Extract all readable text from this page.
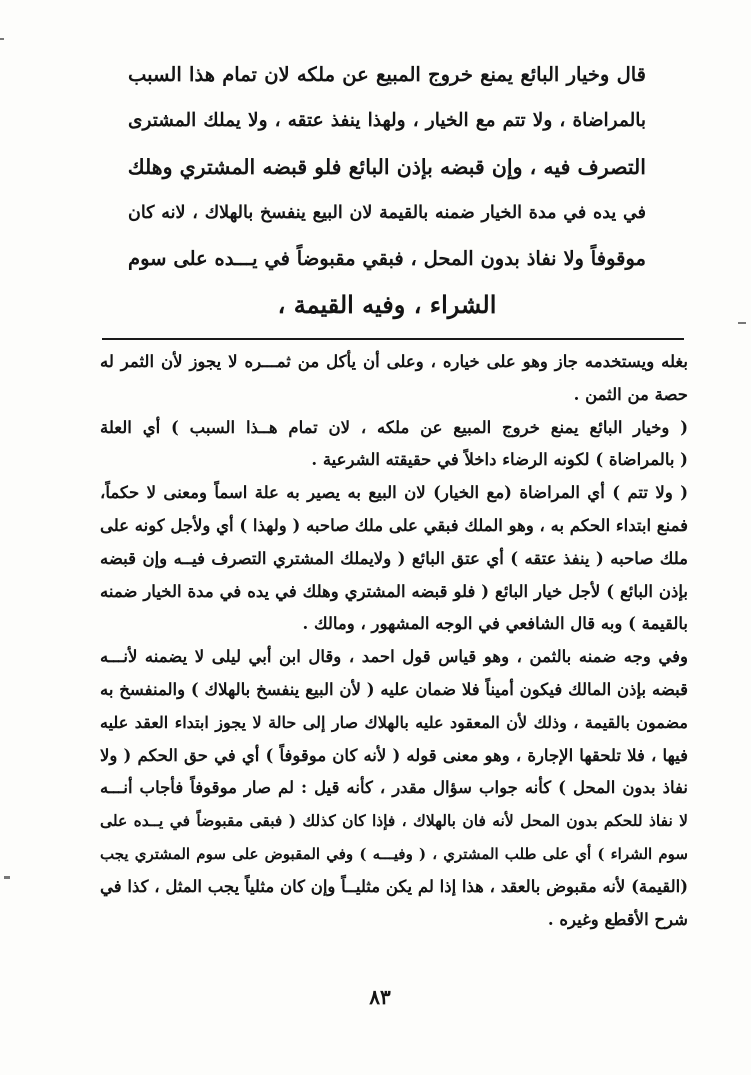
قال وخيار البائع يمنع خروج المبيع عن ملكه لان تمام هذا السبب
بالمراضاة ، ولا تتم مع الخيار ، ولهذا ينفذ عتقه ، ولا يملك المشترى
التصرف فيه ، وإن قبضه بإذن البائع فلو قبضه المشتري وهلك
في يده في مدة الخيار ضمنه بالقيمة لان البيع ينفسخ بالهلاك ، لانه كان
موقوفاً ولا نفاذ بدون المحل ، فبقي مقبوضاً في يـــده على سوم
الشراء ، وفيه القيمة ،
بغله ويستخدمه جاز وهو على خياره ، وعلى أن يأكل من ثمـــره لا يجوز لأن الثمر له
حصة من الثمن .
( وخيار البائع يمنع خروج المبيع عن ملكه ، لان تمام هــذا السبب ) أي العلة
( بالمراضاة ) لكونه الرضاء داخلاً في حقيقته الشرعية .
( ولا تتم ) أي المراضاة (مع الخيار) لان البيع به يصير به علة اسماً ومعنى لا حكماً،
فمنع ابتداء الحكم به ، وهو الملك فبقي على ملك صاحبه ( ولهذا ) أي ولأجل كونه على
ملك صاحبه ( ينفذ عتقه ) أي عتق البائع ( ولايملك المشتري التصرف فيــه وإن قبضه
بإذن البائع ) لأجل خيار البائع ( فلو قبضه المشتري وهلك في يده في مدة الخيار ضمنه
بالقيمة ) وبه قال الشافعي في الوجه المشهور ، ومالك .
وفي وجه ضمنه بالثمن ، وهو قياس قول احمد ، وقال ابن أبي ليلى لا يضمنه لأنـــه
قبضه بإذن المالك فيكون أميناً فلا ضمان عليه ( لأن البيع ينفسخ بالهلاك ) والمنفسخ به
مضمون بالقيمة ، وذلك لأن المعقود عليه بالهلاك صار إلى حالة لا يجوز ابتداء العقد عليه
فيها ، فلا تلحقها الإجارة ، وهو معنى قوله ( لأنه كان موقوفاً ) أي في حق الحكم ( ولا
نفاذ بدون المحل ) كأنه جواب سؤال مقدر ، كأنه قيل : لم صار موقوفاً فأجاب أنـــه
لا نفاذ للحكم بدون المحل لأنه فان بالهلاك ، فإذا كان كذلك ( فبقى مقبوضاً في يــده على
سوم الشراء ) أي على طلب المشتري ، ( وفيـــه ) وفي المقبوض على سوم المشتري يجب
(القيمة) لأنه مقبوض بالعقد ، هذا إذا لم يكن مثليــاً وإن كان مثلياً يجب المثل ، كذا في
شرح الأقطع وغيره .
٨٣
